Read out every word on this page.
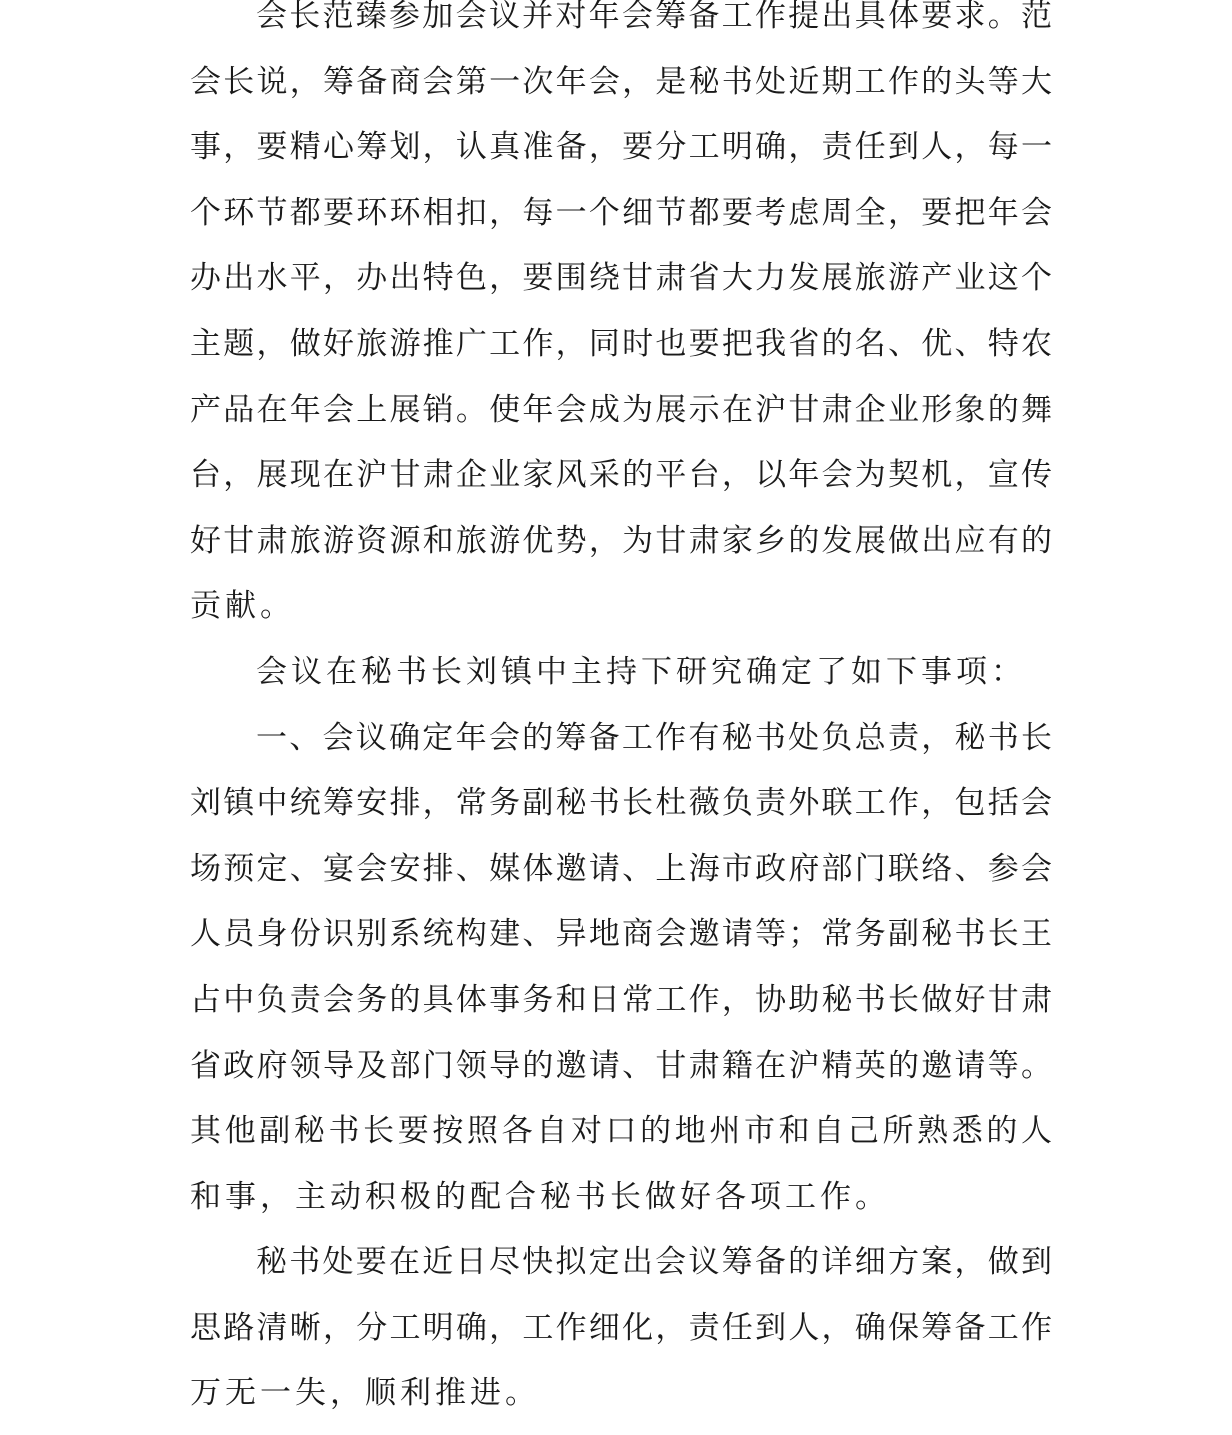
会长范臻参加会议并对年会筹备工作提出具体要求。范
会长说，筹备商会第一次年会，是秘书处近期工作的头等大
事，要精心筹划，认真准备，要分工明确，责任到人，每一
个环节都要环环相扣，每一个细节都要考虑周全，要把年会
办出水平，办出特色，要围绕甘肃省大力发展旅游产业这个
主题，做好旅游推广工作，同时也要把我省的名、优、特农
产品在年会上展销。使年会成为展示在沪甘肃企业形象的舞
台，展现在沪甘肃企业家风采的平台，以年会为契机，宣传
好甘肃旅游资源和旅游优势，为甘肃家乡的发展做出应有的
贡献。
会议在秘书长刘镇中主持下研究确定了如下事项：
一、会议确定年会的筹备工作有秘书处负总责，秘书长
刘镇中统筹安排，常务副秘书长杜薇负责外联工作，包括会
场预定、宴会安排、媒体邀请、上海市政府部门联络、参会
人员身份识别系统构建、异地商会邀请等；常务副秘书长王
占中负责会务的具体事务和日常工作，协助秘书长做好甘肃
省政府领导及部门领导的邀请、甘肃籍在沪精英的邀请等。
其他副秘书长要按照各自对口的地州市和自己所熟悉的人
和事，主动积极的配合秘书长做好各项工作。
秘书处要在近日尽快拟定出会议筹备的详细方案，做到
思路清晰，分工明确，工作细化，责任到人，确保筹备工作
万无一失，顺利推进。
